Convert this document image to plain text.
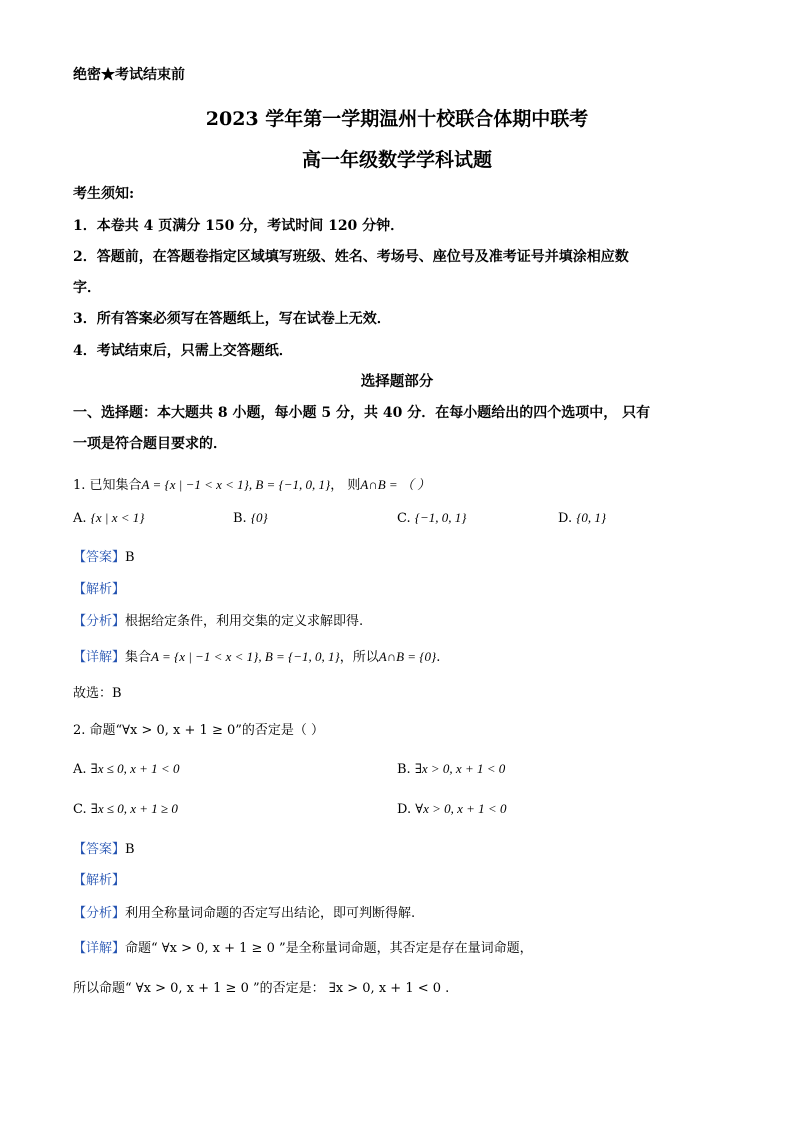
绝密★考试结束前
2023 学年第一学期温州十校联合体期中联考
高一年级数学学科试题
考生须知:
1．本卷共 4 页满分 150 分，考试时间 120 分钟．
2．答题前，在答题卷指定区域填写班级、姓名、考场号、座位号及准考证号并填涂相应数
字．
3．所有答案必须写在答题纸上，写在试卷上无效．
4．考试结束后，只需上交答题纸．
选择题部分
一、选择题：本大题共 8 小题，每小题 5 分，共 40 分．在每小题给出的四个选项中， 只有
一项是符合题目要求的．
1. 已知集合A = {x | −1 < x < 1}, B = {−1, 0, 1}， 则A∩B = （ ）
A. {x | x < 1}	B. {0}	C. {−1, 0, 1}	D. {0, 1}
【答案】B
【解析】
【分析】根据给定条件，利用交集的定义求解即得.
【详解】集合A = {x | −1 < x < 1}, B = {−1, 0, 1}，所以A∩B = {0}.
故选：B
2. 命题“∀x > 0, x + 1 ≥ 0”的否定是（ ）
A. ∃x ≤ 0, x + 1 < 0	B. ∃x > 0, x + 1 < 0
C. ∃x ≤ 0, x + 1 ≥ 0	D. ∀x > 0, x + 1 < 0
【答案】B
【解析】
【分析】利用全称量词命题的否定写出结论，即可判断得解.
【详解】命题“ ∀x > 0, x + 1 ≥ 0 ”是全称量词命题，其否定是存在量词命题，
所以命题“ ∀x > 0, x + 1 ≥ 0 ”的否定是： ∃x > 0, x + 1 < 0 .
